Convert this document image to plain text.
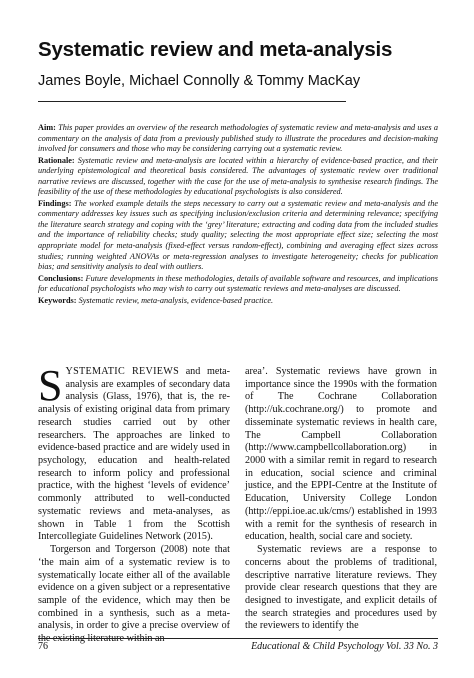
Systematic review and meta-analysis
James Boyle, Michael Connolly & Tommy MacKay

Aim: This paper provides an overview of the research methodologies of systematic review and meta-analysis and uses a commentary on the analysis of data from a previously published study to illustrate the procedures and decision-making involved for consumers and those who may be considering carrying out a systematic review.

Rationale: Systematic review and meta-analysis are located within a hierarchy of evidence-based practice, and their underlying epistemological and theoretical basis considered. The advantages of systematic review over traditional narrative reviews are discussed, together with the case for the use of meta-analysis to synthesise research findings. The feasibility of the use of these methodologies by educational psychologists is also considered.

Findings: The worked example details the steps necessary to carry out a systematic review and meta-analysis and the commentary addresses key issues such as specifying inclusion/exclusion criteria and determining relevance; specifying the literature search strategy and coping with the ‘grey’ literature; extracting and coding data from the included studies and the importance of reliability checks; study quality; selecting the most appropriate effect size; selecting the most appropriate model for meta-analysis (fixed-effect versus random-effect), combining and averaging effect sizes across studies; running weighted ANOVAs or meta-regression analyses to investigate heterogeneity; checks for publication bias; and sensitivity analysis to deal with outliers.

Conclusions: Future developments in these methodologies, details of available software and resources, and implications for educational psychologists who may wish to carry out systematic reviews and meta-analyses are discussed.

Keywords: Systematic review, meta-analysis, evidence-based practice.

SYSTEMATIC REVIEWS and meta-analysis are examples of secondary data analysis (Glass, 1976), that is, the re-analysis of existing original data from primary research studies carried out by other researchers. The approaches are linked to evidence-based practice and are widely used in psychology, education and health-related research to inform policy and professional practice, with the highest ‘levels of evidence’ commonly attributed to well-conducted systematic reviews and meta-analyses, as shown in Table 1 from the Scottish Intercollegiate Guidelines Network (2015).

Torgerson and Torgerson (2008) note that ‘the main aim of a systematic review is to systematically locate either all of the available evidence on a given subject or a representative sample of the evidence, which may then be combined in a synthesis, such as a meta-analysis, in order to give a precise overview of the existing literature within an

area’. Systematic reviews have grown in importance since the 1990s with the formation of The Cochrane Collaboration (http://uk.cochrane.org/) to promote and disseminate systematic reviews in health care, The Campbell Collaboration (http://www.campbellcollaboration.org) in 2000 with a similar remit in regard to research in education, social science and criminal justice, and the EPPI-Centre at the Institute of Education, University College London (http://eppi.ioe.ac.uk/cms/) established in 1993 with a remit for the synthesis of research in education, health, social care and society.

Systematic reviews are a response to concerns about the problems of traditional, descriptive narrative literature reviews. They provide clear research questions that they are designed to investigate, and explicit details of the search strategies and procedures used by the reviewers to identify the

76	Educational & Child Psychology Vol. 33 No. 3
